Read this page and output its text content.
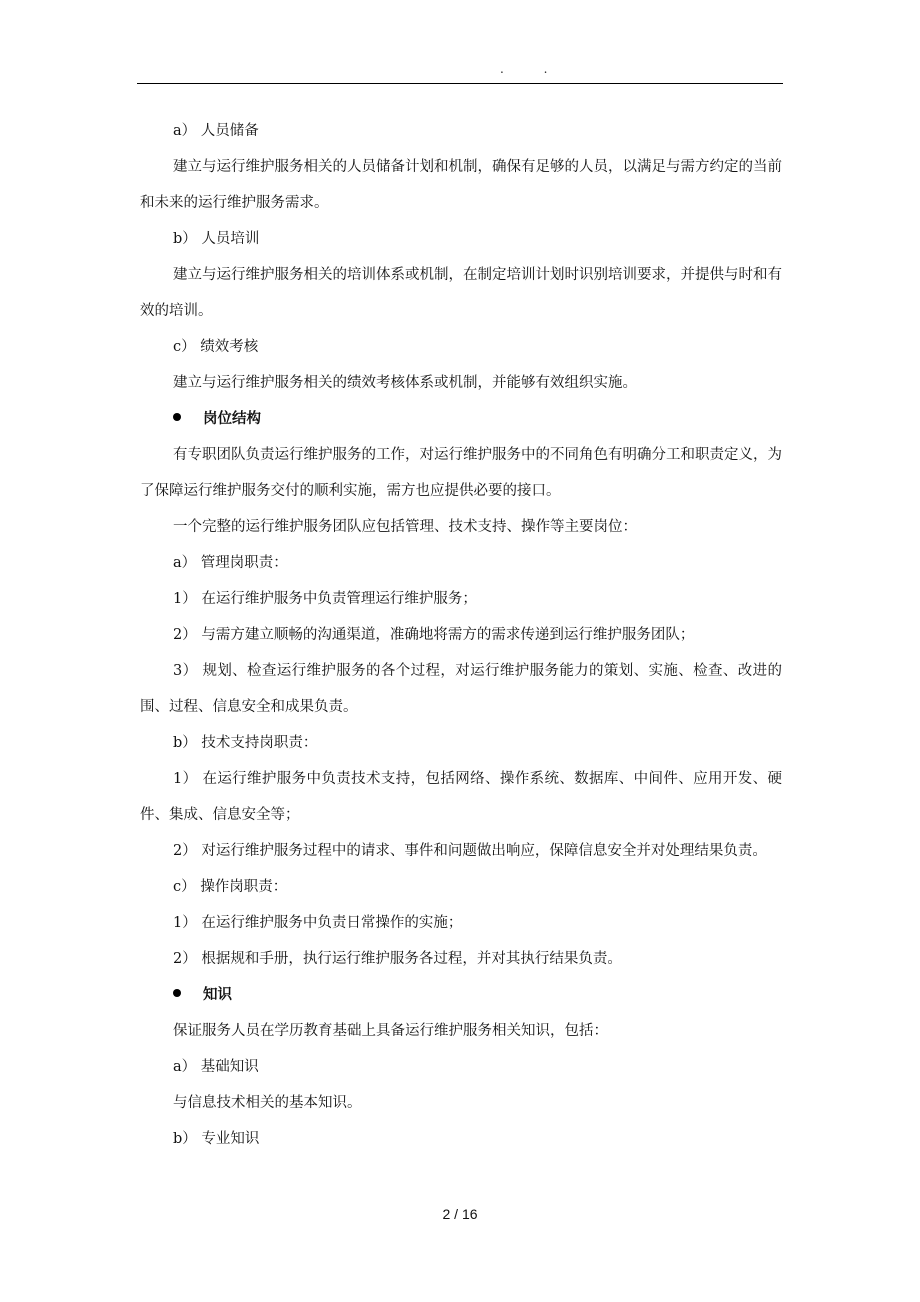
. .
a） 人员储备
建立与运行维护服务相关的人员储备计划和机制，确保有足够的人员，以满足与需方约定的当前和未来的运行维护服务需求。
b） 人员培训
建立与运行维护服务相关的培训体系或机制，在制定培训计划时识别培训要求，并提供与时和有效的培训。
c） 绩效考核
建立与运行维护服务相关的绩效考核体系或机制，并能够有效组织实施。
岗位结构
有专职团队负责运行维护服务的工作，对运行维护服务中的不同角色有明确分工和职责定义，为了保障运行维护服务交付的顺利实施，需方也应提供必要的接口。
一个完整的运行维护服务团队应包括管理、技术支持、操作等主要岗位：
a） 管理岗职责：
1） 在运行维护服务中负责管理运行维护服务；
2） 与需方建立顺畅的沟通渠道，准确地将需方的需求传递到运行维护服务团队；
3） 规划、检查运行维护服务的各个过程，对运行维护服务能力的策划、实施、检查、改进的围、过程、信息安全和成果负责。
b） 技术支持岗职责：
1） 在运行维护服务中负责技术支持，包括网络、操作系统、数据库、中间件、应用开发、硬件、集成、信息安全等；
2） 对运行维护服务过程中的请求、事件和问题做出响应，保障信息安全并对处理结果负责。
c） 操作岗职责：
1） 在运行维护服务中负责日常操作的实施；
2） 根据规和手册，执行运行维护服务各过程，并对其执行结果负责。
知识
保证服务人员在学历教育基础上具备运行维护服务相关知识，包括：
a） 基础知识
与信息技术相关的基本知识。
b） 专业知识
2 / 16
